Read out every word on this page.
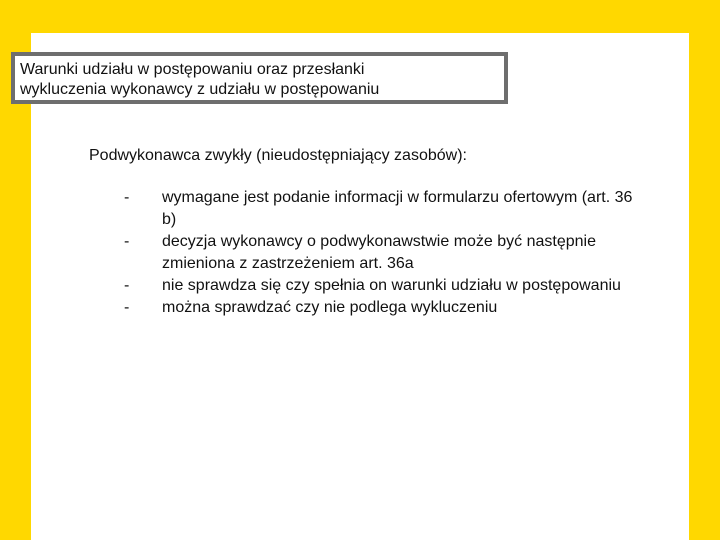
Warunki udziału w postępowaniu oraz przesłanki
wykluczenia wykonawcy z udziału w postępowaniu

Podwykonawca zwykły (nieudostępniający zasobów):

- wymagane jest podanie informacji w formularzu ofertowym (art. 36 b)
- decyzja wykonawcy o podwykonawstwie może być następnie zmieniona z zastrzeżeniem art. 36a
- nie sprawdza się czy spełnia on warunki udziału w postępowaniu
- można sprawdzać czy nie podlega wykluczeniu
